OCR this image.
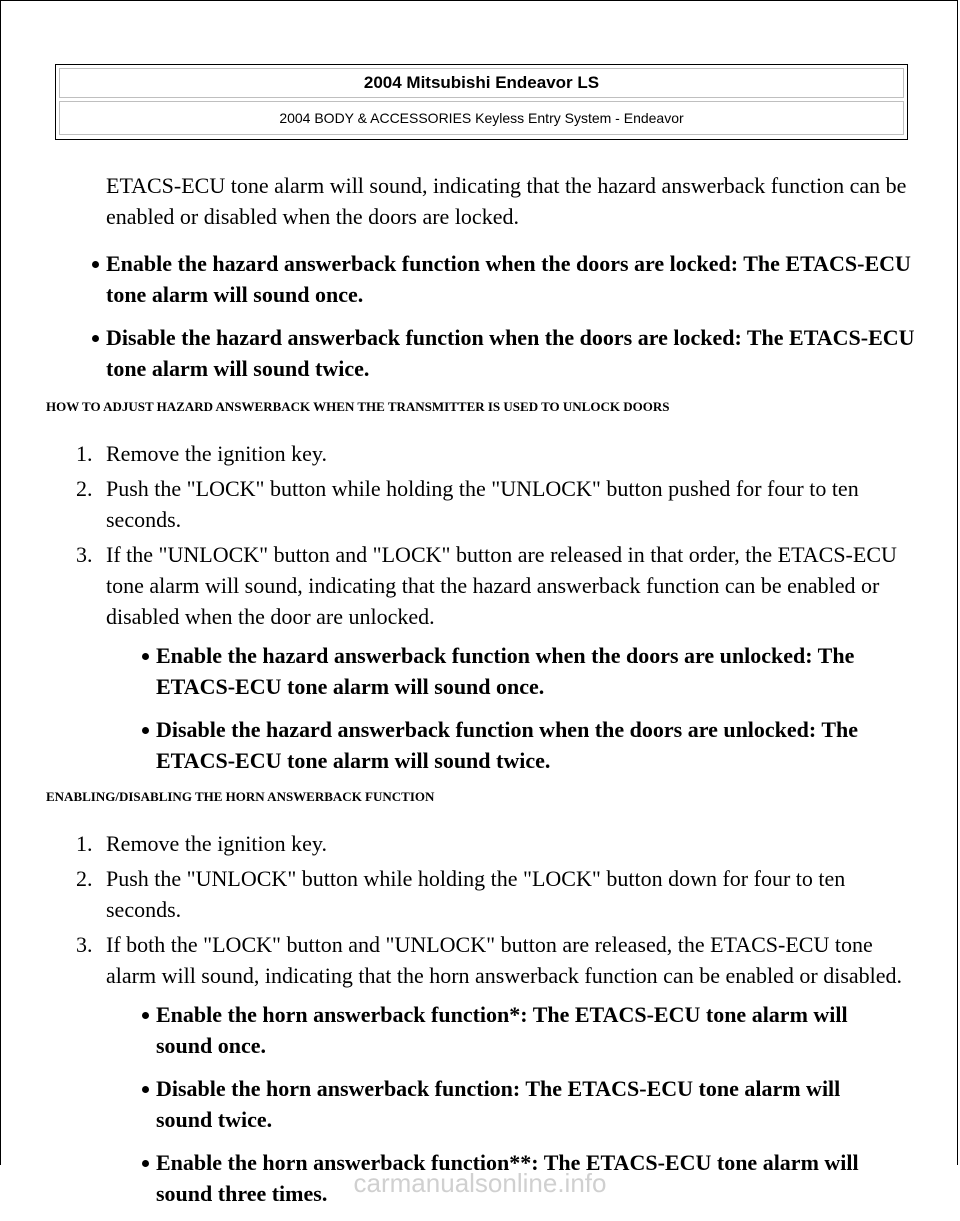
2004 Mitsubishi Endeavor LS
2004 BODY & ACCESSORIES Keyless Entry System - Endeavor

ETACS-ECU tone alarm will sound, indicating that the hazard answerback function can be enabled or disabled when the doors are locked.

Enable the hazard answerback function when the doors are locked: The ETACS-ECU tone alarm will sound once.
Disable the hazard answerback function when the doors are locked: The ETACS-ECU tone alarm will sound twice.
HOW TO ADJUST HAZARD ANSWERBACK WHEN THE TRANSMITTER IS USED TO UNLOCK DOORS
1. Remove the ignition key.
2. Push the "LOCK" button while holding the "UNLOCK" button pushed for four to ten seconds.
3. If the "UNLOCK" button and "LOCK" button are released in that order, the ETACS-ECU tone alarm will sound, indicating that the hazard answerback function can be enabled or disabled when the door are unlocked.
Enable the hazard answerback function when the doors are unlocked: The ETACS-ECU tone alarm will sound once.
Disable the hazard answerback function when the doors are unlocked: The ETACS-ECU tone alarm will sound twice.
ENABLING/DISABLING THE HORN ANSWERBACK FUNCTION
1. Remove the ignition key.
2. Push the "UNLOCK" button while holding the "LOCK" button down for four to ten seconds.
3. If both the "LOCK" button and "UNLOCK" button are released, the ETACS-ECU tone alarm will sound, indicating that the horn answerback function can be enabled or disabled.
Enable the horn answerback function*: The ETACS-ECU tone alarm will sound once.
Disable the horn answerback function: The ETACS-ECU tone alarm will sound twice.
Enable the horn answerback function**: The ETACS-ECU tone alarm will sound three times.	carmanualsonline.info
